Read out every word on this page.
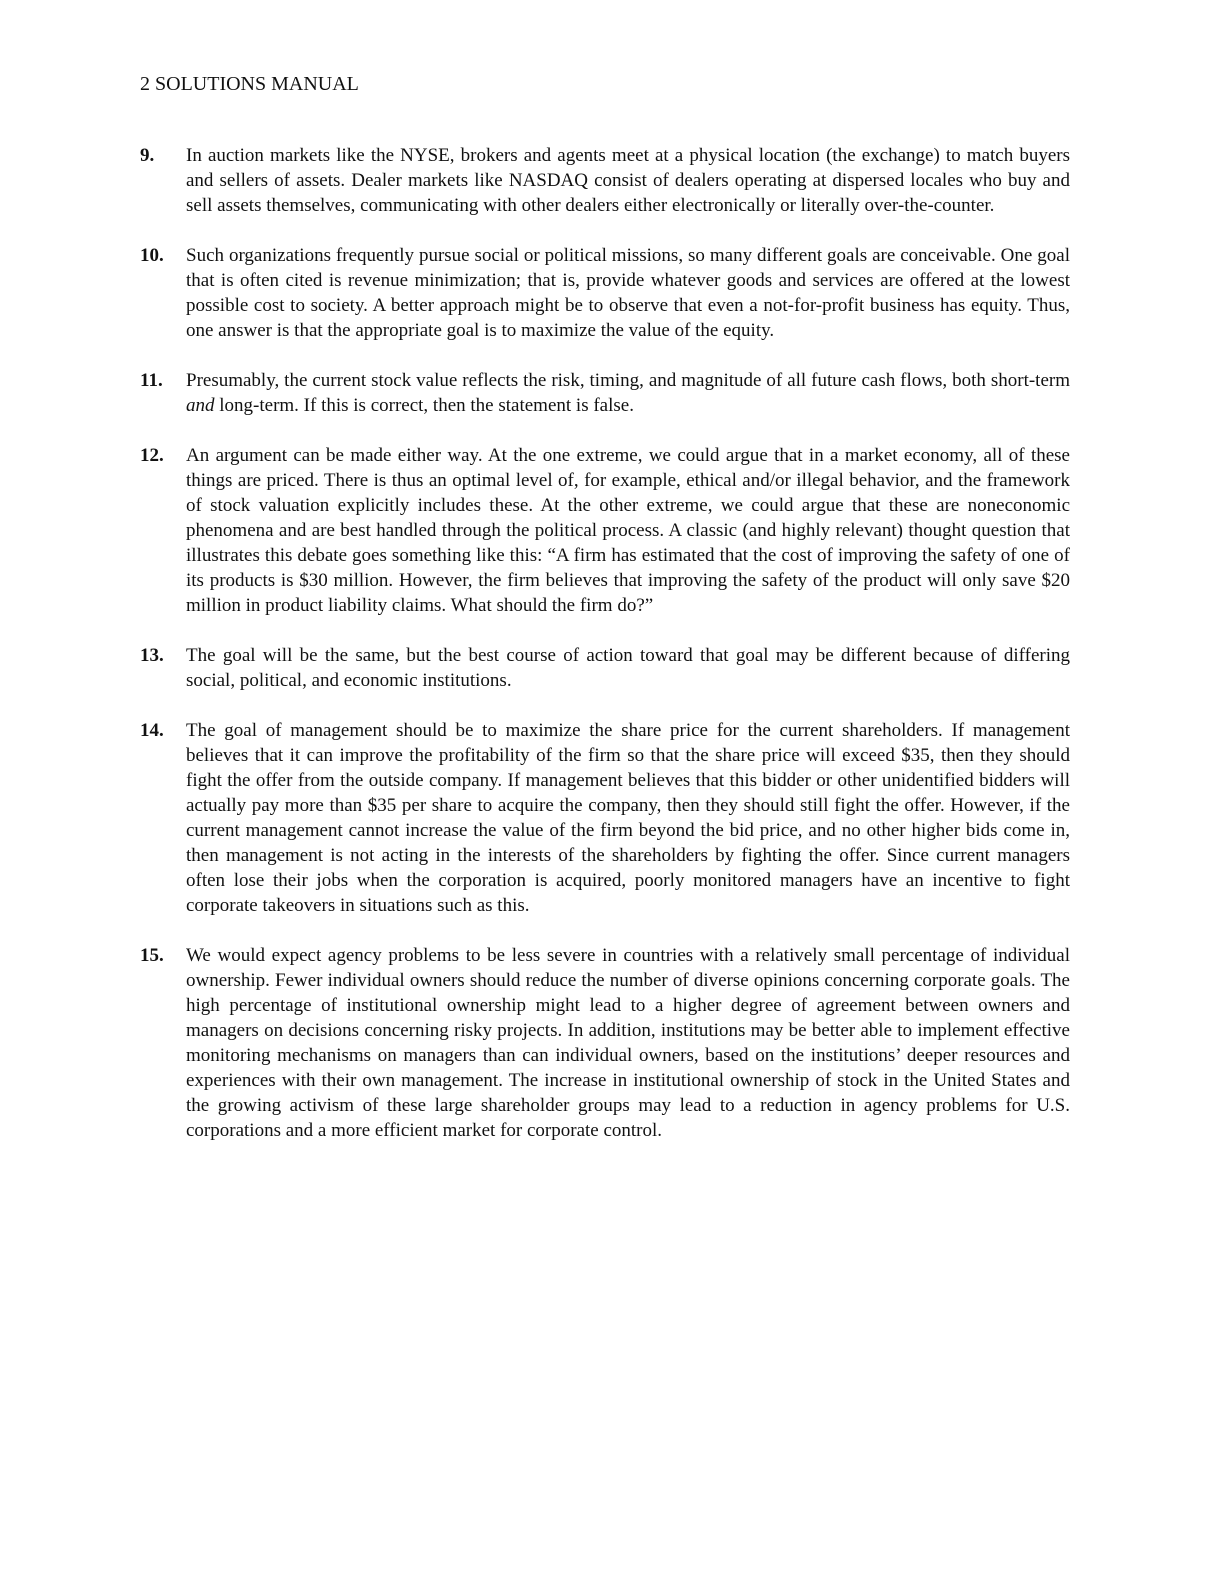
2 SOLUTIONS MANUAL
9. In auction markets like the NYSE, brokers and agents meet at a physical location (the exchange) to match buyers and sellers of assets. Dealer markets like NASDAQ consist of dealers operating at dispersed locales who buy and sell assets themselves, communicating with other dealers either electronically or literally over-the-counter.
10. Such organizations frequently pursue social or political missions, so many different goals are conceivable. One goal that is often cited is revenue minimization; that is, provide whatever goods and services are offered at the lowest possible cost to society. A better approach might be to observe that even a not-for-profit business has equity. Thus, one answer is that the appropriate goal is to maximize the value of the equity.
11. Presumably, the current stock value reflects the risk, timing, and magnitude of all future cash flows, both short-term and long-term. If this is correct, then the statement is false.
12. An argument can be made either way. At the one extreme, we could argue that in a market economy, all of these things are priced. There is thus an optimal level of, for example, ethical and/or illegal behavior, and the framework of stock valuation explicitly includes these. At the other extreme, we could argue that these are noneconomic phenomena and are best handled through the political process. A classic (and highly relevant) thought question that illustrates this debate goes something like this: “A firm has estimated that the cost of improving the safety of one of its products is $30 million. However, the firm believes that improving the safety of the product will only save $20 million in product liability claims. What should the firm do?”
13. The goal will be the same, but the best course of action toward that goal may be different because of differing social, political, and economic institutions.
14. The goal of management should be to maximize the share price for the current shareholders. If management believes that it can improve the profitability of the firm so that the share price will exceed $35, then they should fight the offer from the outside company. If management believes that this bidder or other unidentified bidders will actually pay more than $35 per share to acquire the company, then they should still fight the offer. However, if the current management cannot increase the value of the firm beyond the bid price, and no other higher bids come in, then management is not acting in the interests of the shareholders by fighting the offer. Since current managers often lose their jobs when the corporation is acquired, poorly monitored managers have an incentive to fight corporate takeovers in situations such as this.
15. We would expect agency problems to be less severe in countries with a relatively small percentage of individual ownership. Fewer individual owners should reduce the number of diverse opinions concerning corporate goals. The high percentage of institutional ownership might lead to a higher degree of agreement between owners and managers on decisions concerning risky projects. In addition, institutions may be better able to implement effective monitoring mechanisms on managers than can individual owners, based on the institutions’ deeper resources and experiences with their own management. The increase in institutional ownership of stock in the United States and the growing activism of these large shareholder groups may lead to a reduction in agency problems for U.S. corporations and a more efficient market for corporate control.
